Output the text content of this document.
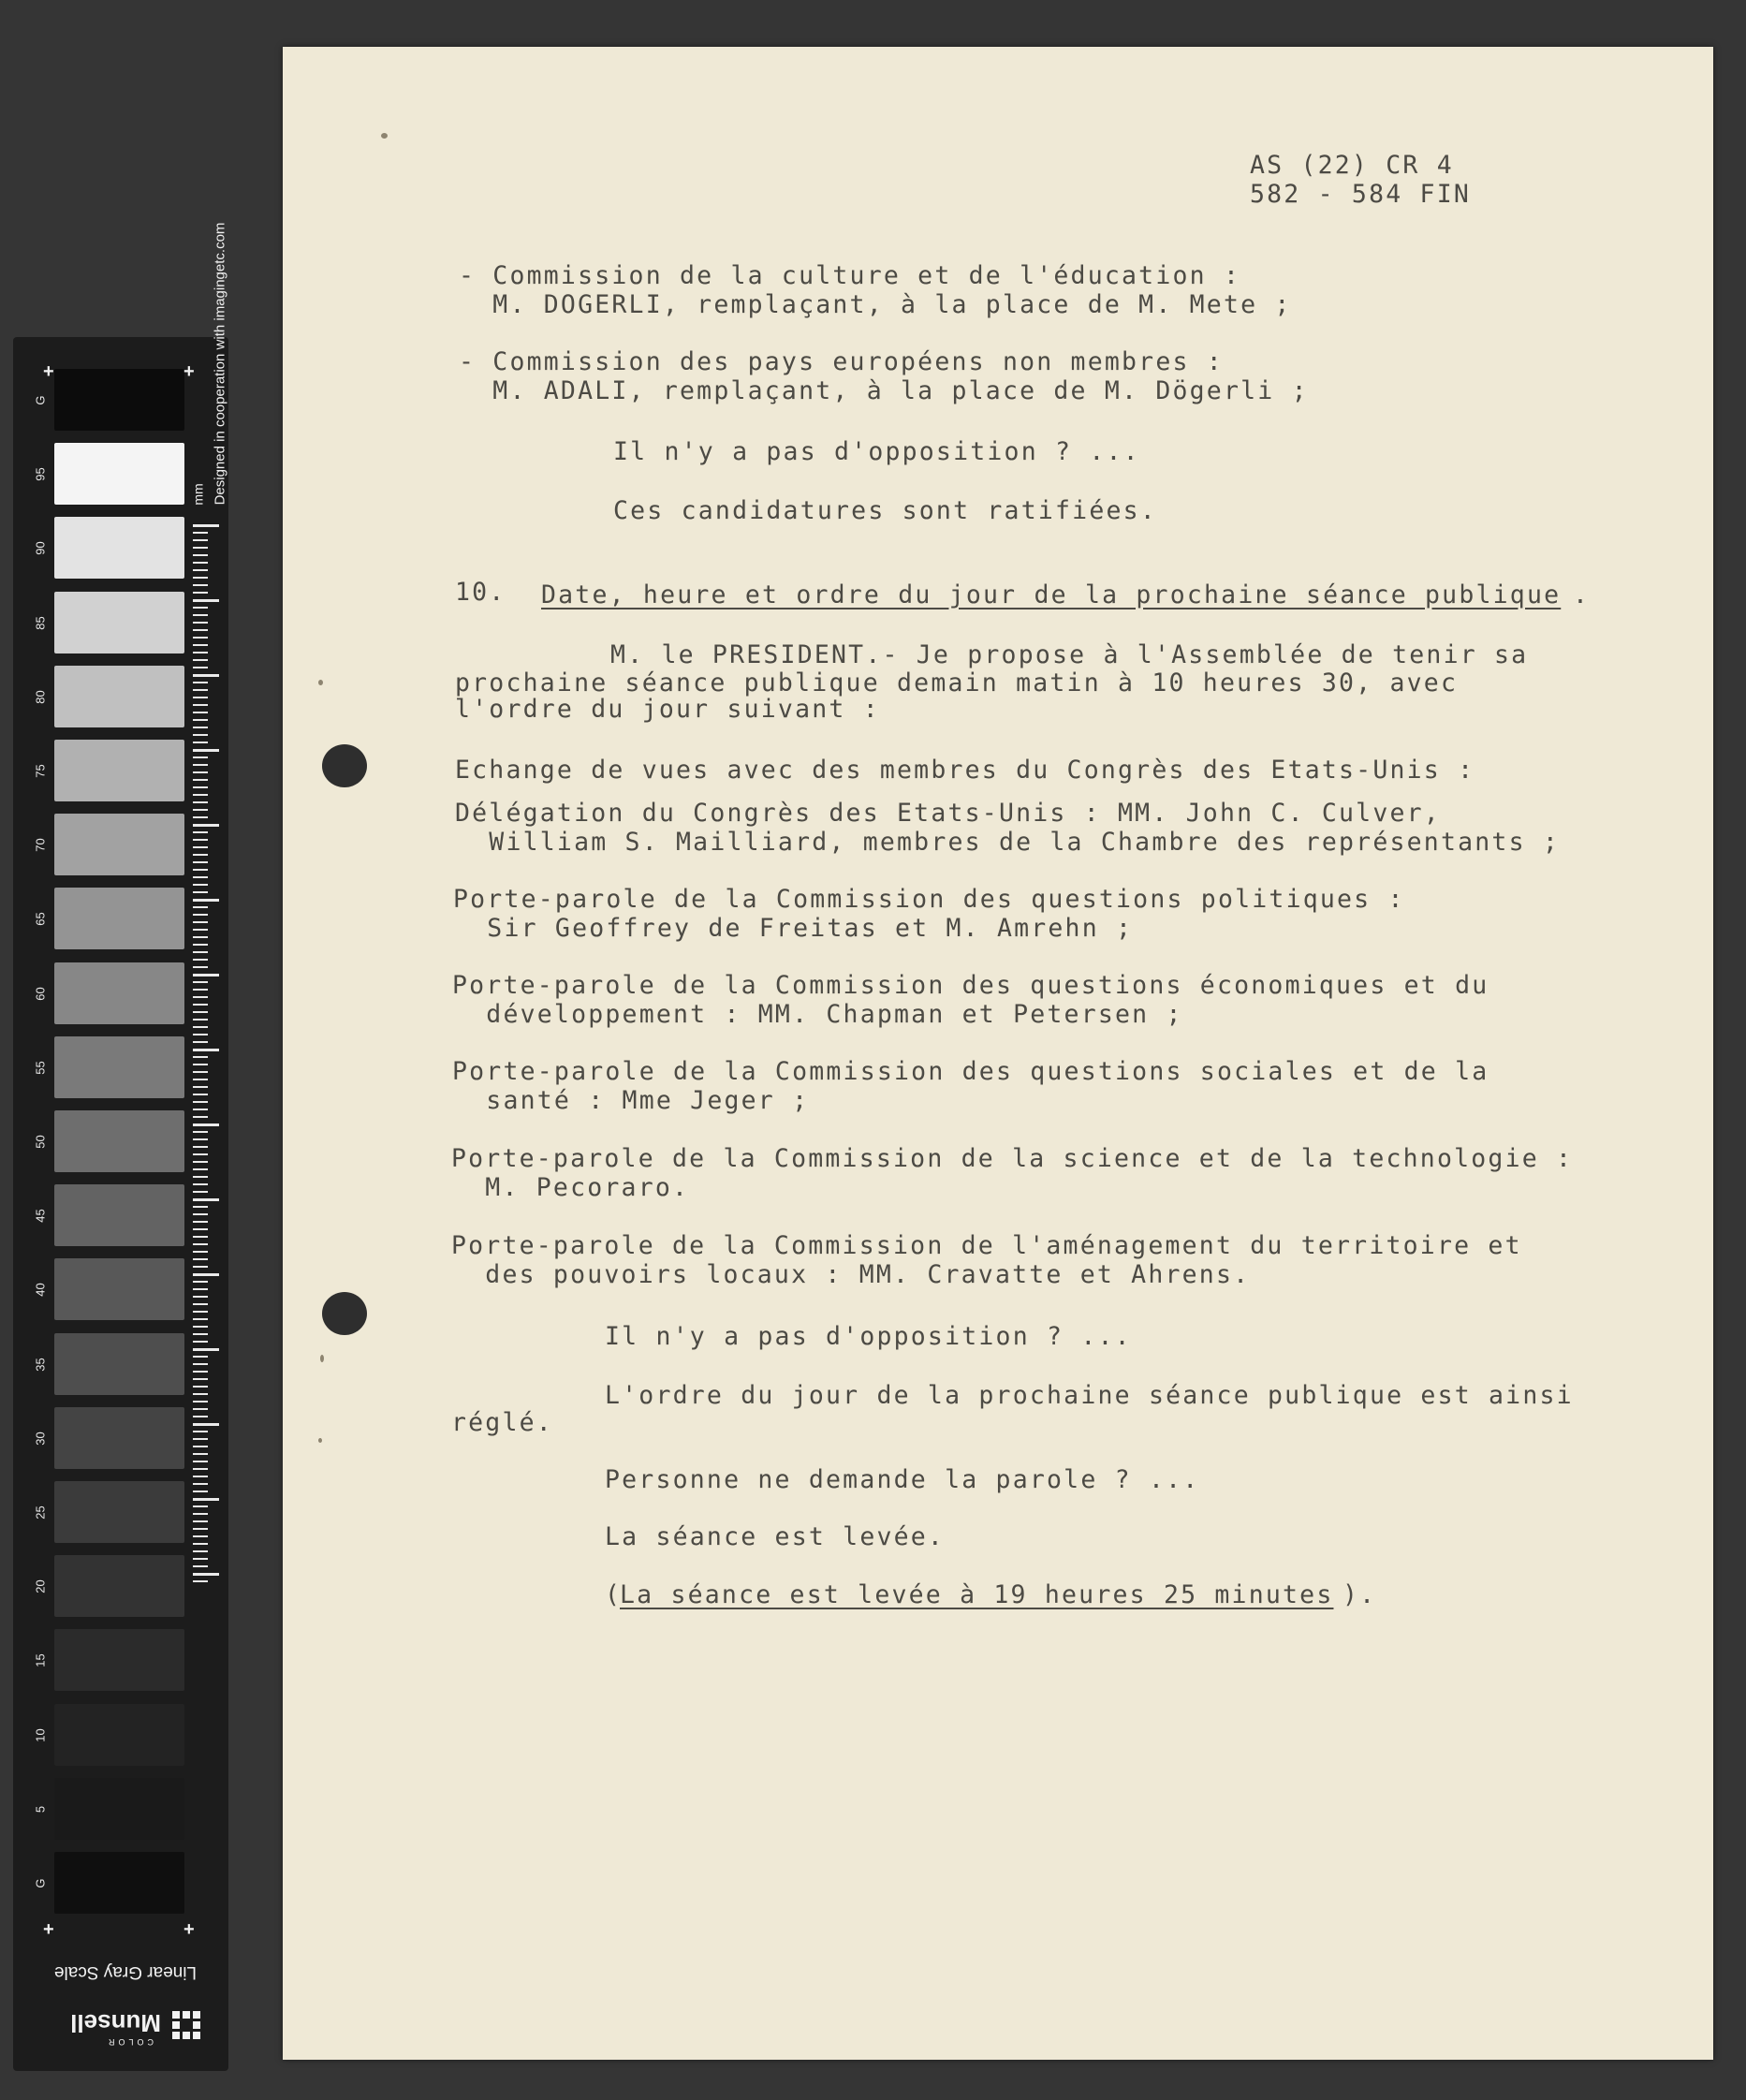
G
95
90
85
80
75
70
65
60
55
50
45
40
35
30
25
20
15
10
5
G
+	+
+	+
Designed in cooperation with imagingetc.com
mm
Linear Gray Scale
COLOR
Munsell
AS (22) CR 4
582 - 584 FIN
- Commission de la culture et de l'éducation :
M. DOGERLI, remplaçant, à la place de M. Mete ;
- Commission des pays européens non membres :
M. ADALI, remplaçant, à la place de M. Dögerli ;
Il n'y a pas d'opposition ? ...
Ces candidatures sont ratifiées.
10. Date, heure et ordre du jour de la prochaine séance publique .
M. le PRESIDENT.- Je propose à l'Assemblée de tenir sa
prochaine séance publique demain matin à 10 heures 30, avec
l'ordre du jour suivant :
Echange de vues avec des membres du Congrès des Etats-Unis :
Délégation du Congrès des Etats-Unis : MM. John C. Culver,
William S. Mailliard, membres de la Chambre des représentants ;
Porte-parole de la Commission des questions politiques :
Sir Geoffrey de Freitas et M. Amrehn ;
Porte-parole de la Commission des questions économiques et du
développement : MM. Chapman et Petersen ;
Porte-parole de la Commission des questions sociales et de la
santé : Mme Jeger ;
Porte-parole de la Commission de la science et de la technologie :
M. Pecoraro.
Porte-parole de la Commission de l'aménagement du territoire et
des pouvoirs locaux : MM. Cravatte et Ahrens.
Il n'y a pas d'opposition ? ...
L'ordre du jour de la prochaine séance publique est ainsi
réglé.
Personne ne demande la parole ? ...
La séance est levée.
(
La séance est levée à 19 heures 25 minutes ).
